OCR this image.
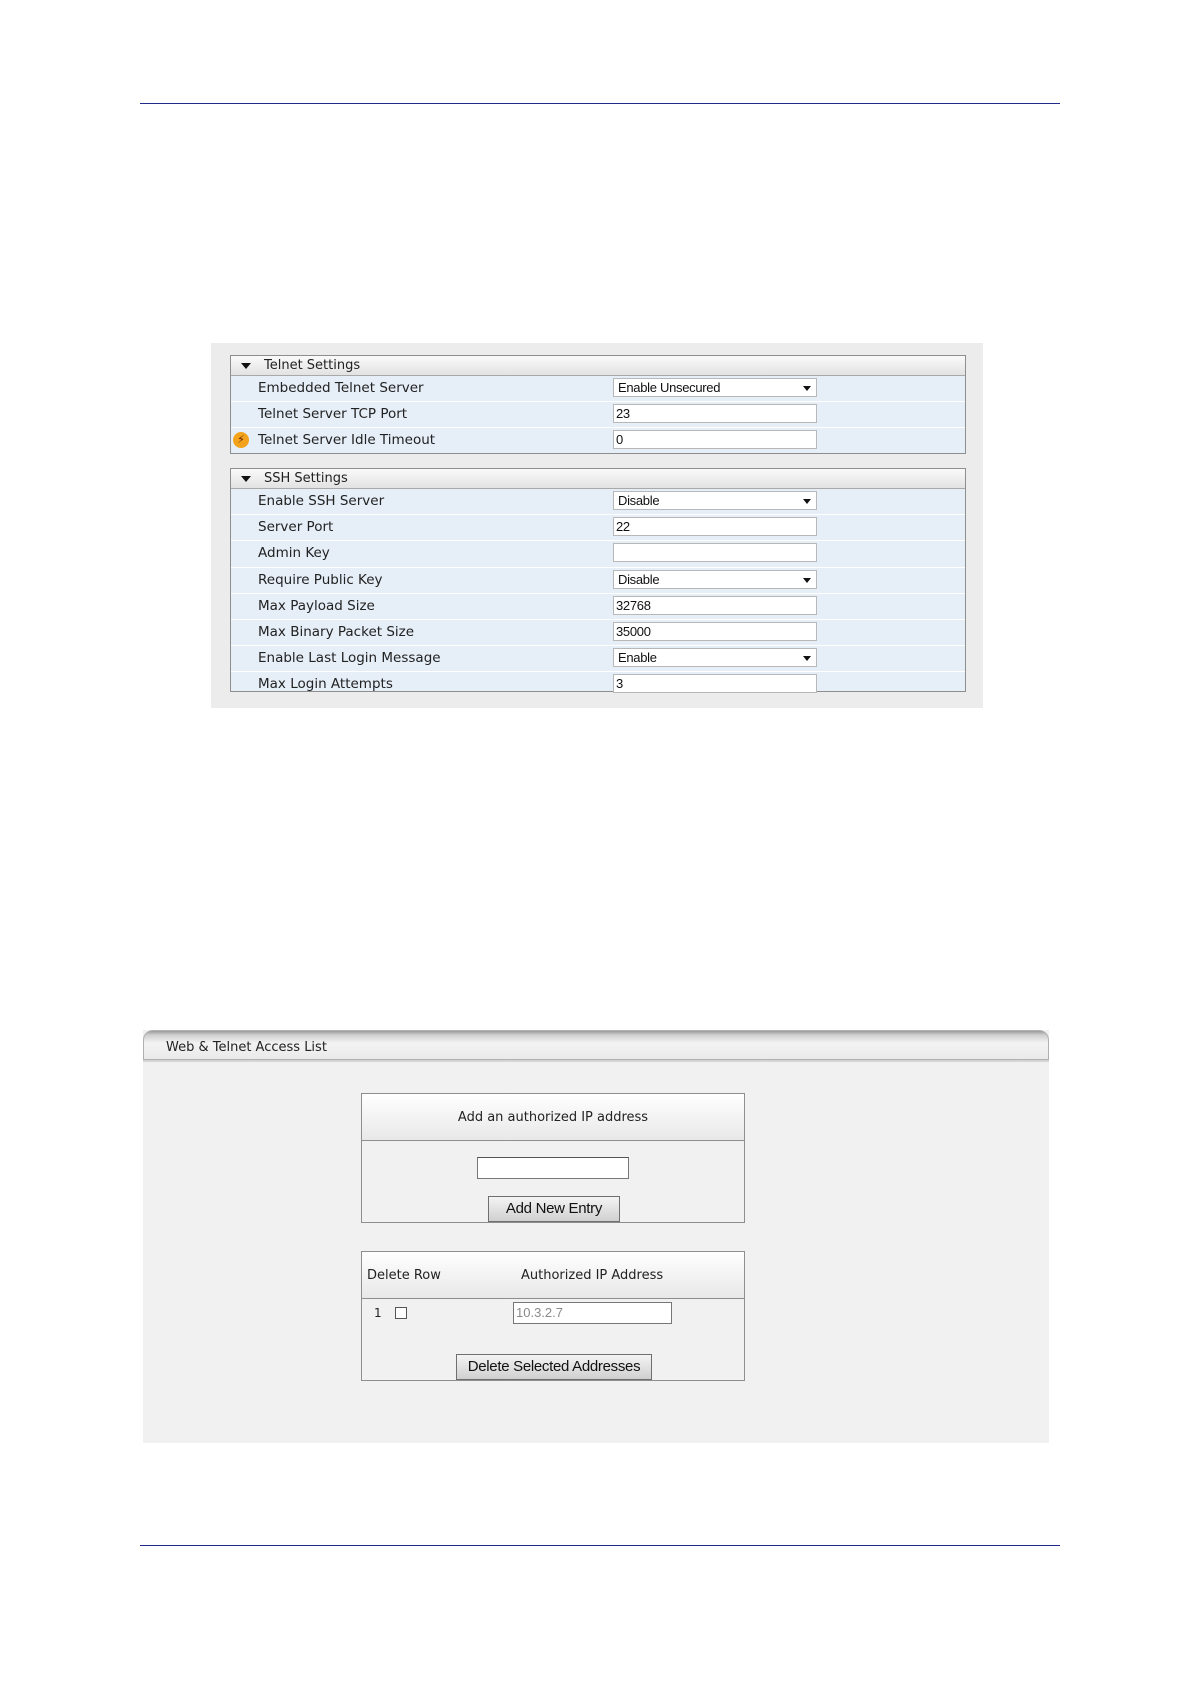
Telnet Settings
Embedded Telnet Server	Enable Unsecured
Telnet Server TCP Port	23
⚡ Telnet Server Idle Timeout	0
SSH Settings
Enable SSH Server	Disable
Server Port	22
Admin Key
Require Public Key	Disable
Max Payload Size	32768
Max Binary Packet Size	35000
Enable Last Login Message	Enable
Max Login Attempts	3
Web & Telnet Access List
Add an authorized IP address
Add New Entry
Delete Row	Authorized IP Address
1	10.3.2.7
Delete Selected Addresses
